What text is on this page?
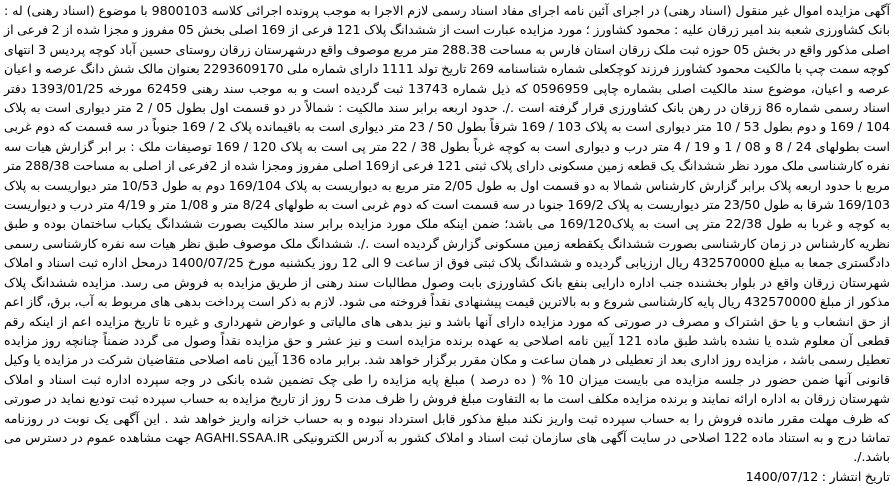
آگهی مزایده اموال غیر منقول (اسناد رهنی) در اجرای آئین نامه اجرای مفاد اسناد رسمی لازم الاجرا به موجب پرونده اجرائی کلاسه 9800103 با موضوع (اسناد رهنی) له : بانک کشاورزی شعبه بند امیر زرقان علیه : محمود کشاورز ؛ مورد مزایده عبارت است از ششدانگ پلاک 121 فرعی از 169 اصلی بخش 05 مفروز و مجزا شده از 2 فرعی از اصلی مذکور واقع در بخش 05 حوزه ثبت ملک زرقان استان فارس به مساحت 288.38 متر مربع موصوف واقع درشهرستان زرقان روستای حسین آباد کوچه پردیس 3 انتهای کوچه سمت چپ با مالکیت محمود کشاورز فرزند کوچکعلی شماره شناسنامه 269 تاریخ تولد 1111 دارای شماره ملی 2293609170 بعنوان مالک شش دانگ عرصه و اعیان عرصه و اعیان، موضوع سند مالکیت اصلی بشماره چاپی 0596959 که ذیل شماره 13743 ثبت گردیده است و به موجب سند رهنی 62459 مورخه 1393/01/25 دفتر اسناد رسمی شماره 86 زرقان در رهن بانک کشاورزی قرار گرفته است ./. حدود اربعه برابر سند مالکیت : شمالاً در دو قسمت اول بطول 05 / 2 متر دیواری است به پلاک 104 / 169 و دوم بطول 53 / 10 متر دیواری است به پلاک 103 / 169 شرقاً بطول 50 / 23 متر دیواری است به باقیمانده پلاک 2 / 169 جنوباً در سه قسمت که دوم غربی است بطولهای 24 / 8 و 08 / 1 و 19 / 4 متر درب و دیواری است به کوچه غرباً بطول 38 / 22 متر پی است به پلاک 120 / 169 توصیفات ملک : بر ابر گزارش هیات سه نفره کارشناسی ملک مورد نظر ششدانگ یک قطعه زمین مسکونی دارای پلاک ثبتی 121 فرعی از169 اصلی مفروز ومجزا شده از 2فرعی از اصلی به مساحت 288/38 متر مربع با حدود اربعه پلاک برابر گزارش کارشناس شمالا به دو قسمت اول به طول 2/05 متر مربع به دیواریست به پلاک 169/104 دوم به طول 10/53 متر دیواریست به پلاک 169/103 شرقا به طول 23/50 متر دیواریست به پلاک 169/2 جنوبا در سه قسمت است که دوم غربی است به طولهای 8/24 متر و 1/08 متر و 4/19 متر درب و دیواریست به کوچه و غربا به طول 22/38 متر پی است به پلاک169/120 می باشد؛ ضمن اینکه ملک مورد مزایده برابر سند مالکیت بصورت ششدانگ یکباب ساختمان بوده و طبق نظریه کارشناس در زمان کارشناسی بصورت ششدانگ یکقطعه زمین مسکونی گزارش گردیده است ./. ششدانگ ملک موصوف طبق نظر هیات سه نفره کارشناسی رسمی دادگستری جمعا به مبلغ 432570000 ریال ارزیابی گردیده و ششدانگ پلاک ثبتی فوق از ساعت 9 الی 12 روز یکشنبه مورخ 1400/07/25 درمحل اداره ثبت اسناد و املاک شهرستان زرقان واقع در بلوار بخشنده جنب اداره دارایی بنفع بانک کشاورزی بابت وصول مطالبات سند رهنی از طریق مزایده به فروش می رسد. مزایده ششدانگ پلاک مذکور از مبلغ 432570000 ریال پایه کارشناسی شروع و به بالاترین قیمت پیشنهادی نقداً فروخته می شود. لازم به ذکر است پرداخت بدهی های مربوط به آب، برق، گاز اعم از حق انشعاب و یا حق اشتراک و مصرف در صورتی که مورد مزایده دارای آنها باشد و نیز بدهی های مالیاتی و عوارض شهرداری و غیره تا تاریخ مزایده اعم از اینکه رقم قطعی آن معلوم شده یا نشده باشد طبق ماده 121 آیین نامه اصلاحی به عهده برنده مزایده است و نیز عشر و حق مزایده نقداً وصول می گردد ضمناً چنانچه روز مزایده تعطیل رسمی باشد ، مزایده روز اداری بعد از تعطیلی در همان ساعت و مکان مقرر برگزار خواهد شد. برابر ماده 136 آیین نامه اصلاحی متقاضیان شرکت در مزایده یا وکیل قانونی آنها ضمن حضور در جلسه مزایده می بایست میزان 10 % ( ده درصد ) مبلغ پایه مزایده را طی چک تضمین شده بانکی در وجه سپرده اداره ثبت اسناد و املاک شهرستان زرقان به اداره ارائه نمایند و برنده مزایده مکلف است ما به التفاوت مبلغ فروش را ظرف مدت 5 روز از تاریخ مزایده به حساب سپرده ثبت تودیع نماید در صورتی که ظرف مهلت مقرر مانده فروش را به حساب سپرده ثبت واریز نکند مبلغ مذکور قابل استرداد نبوده و به حساب خزانه واریز خواهد شد . این آگهی یک نوبت در روزنامه تماشا درج و به استناد ماده 122 اصلاحی در سایت آگهی های سازمان ثبت اسناد و املاک کشور به آدرس الکترونیکی AGAHI.SSAA.IR جهت مشاهده عموم در دسترس می باشد./.

تاریخ انتشار : 1400/07/12
